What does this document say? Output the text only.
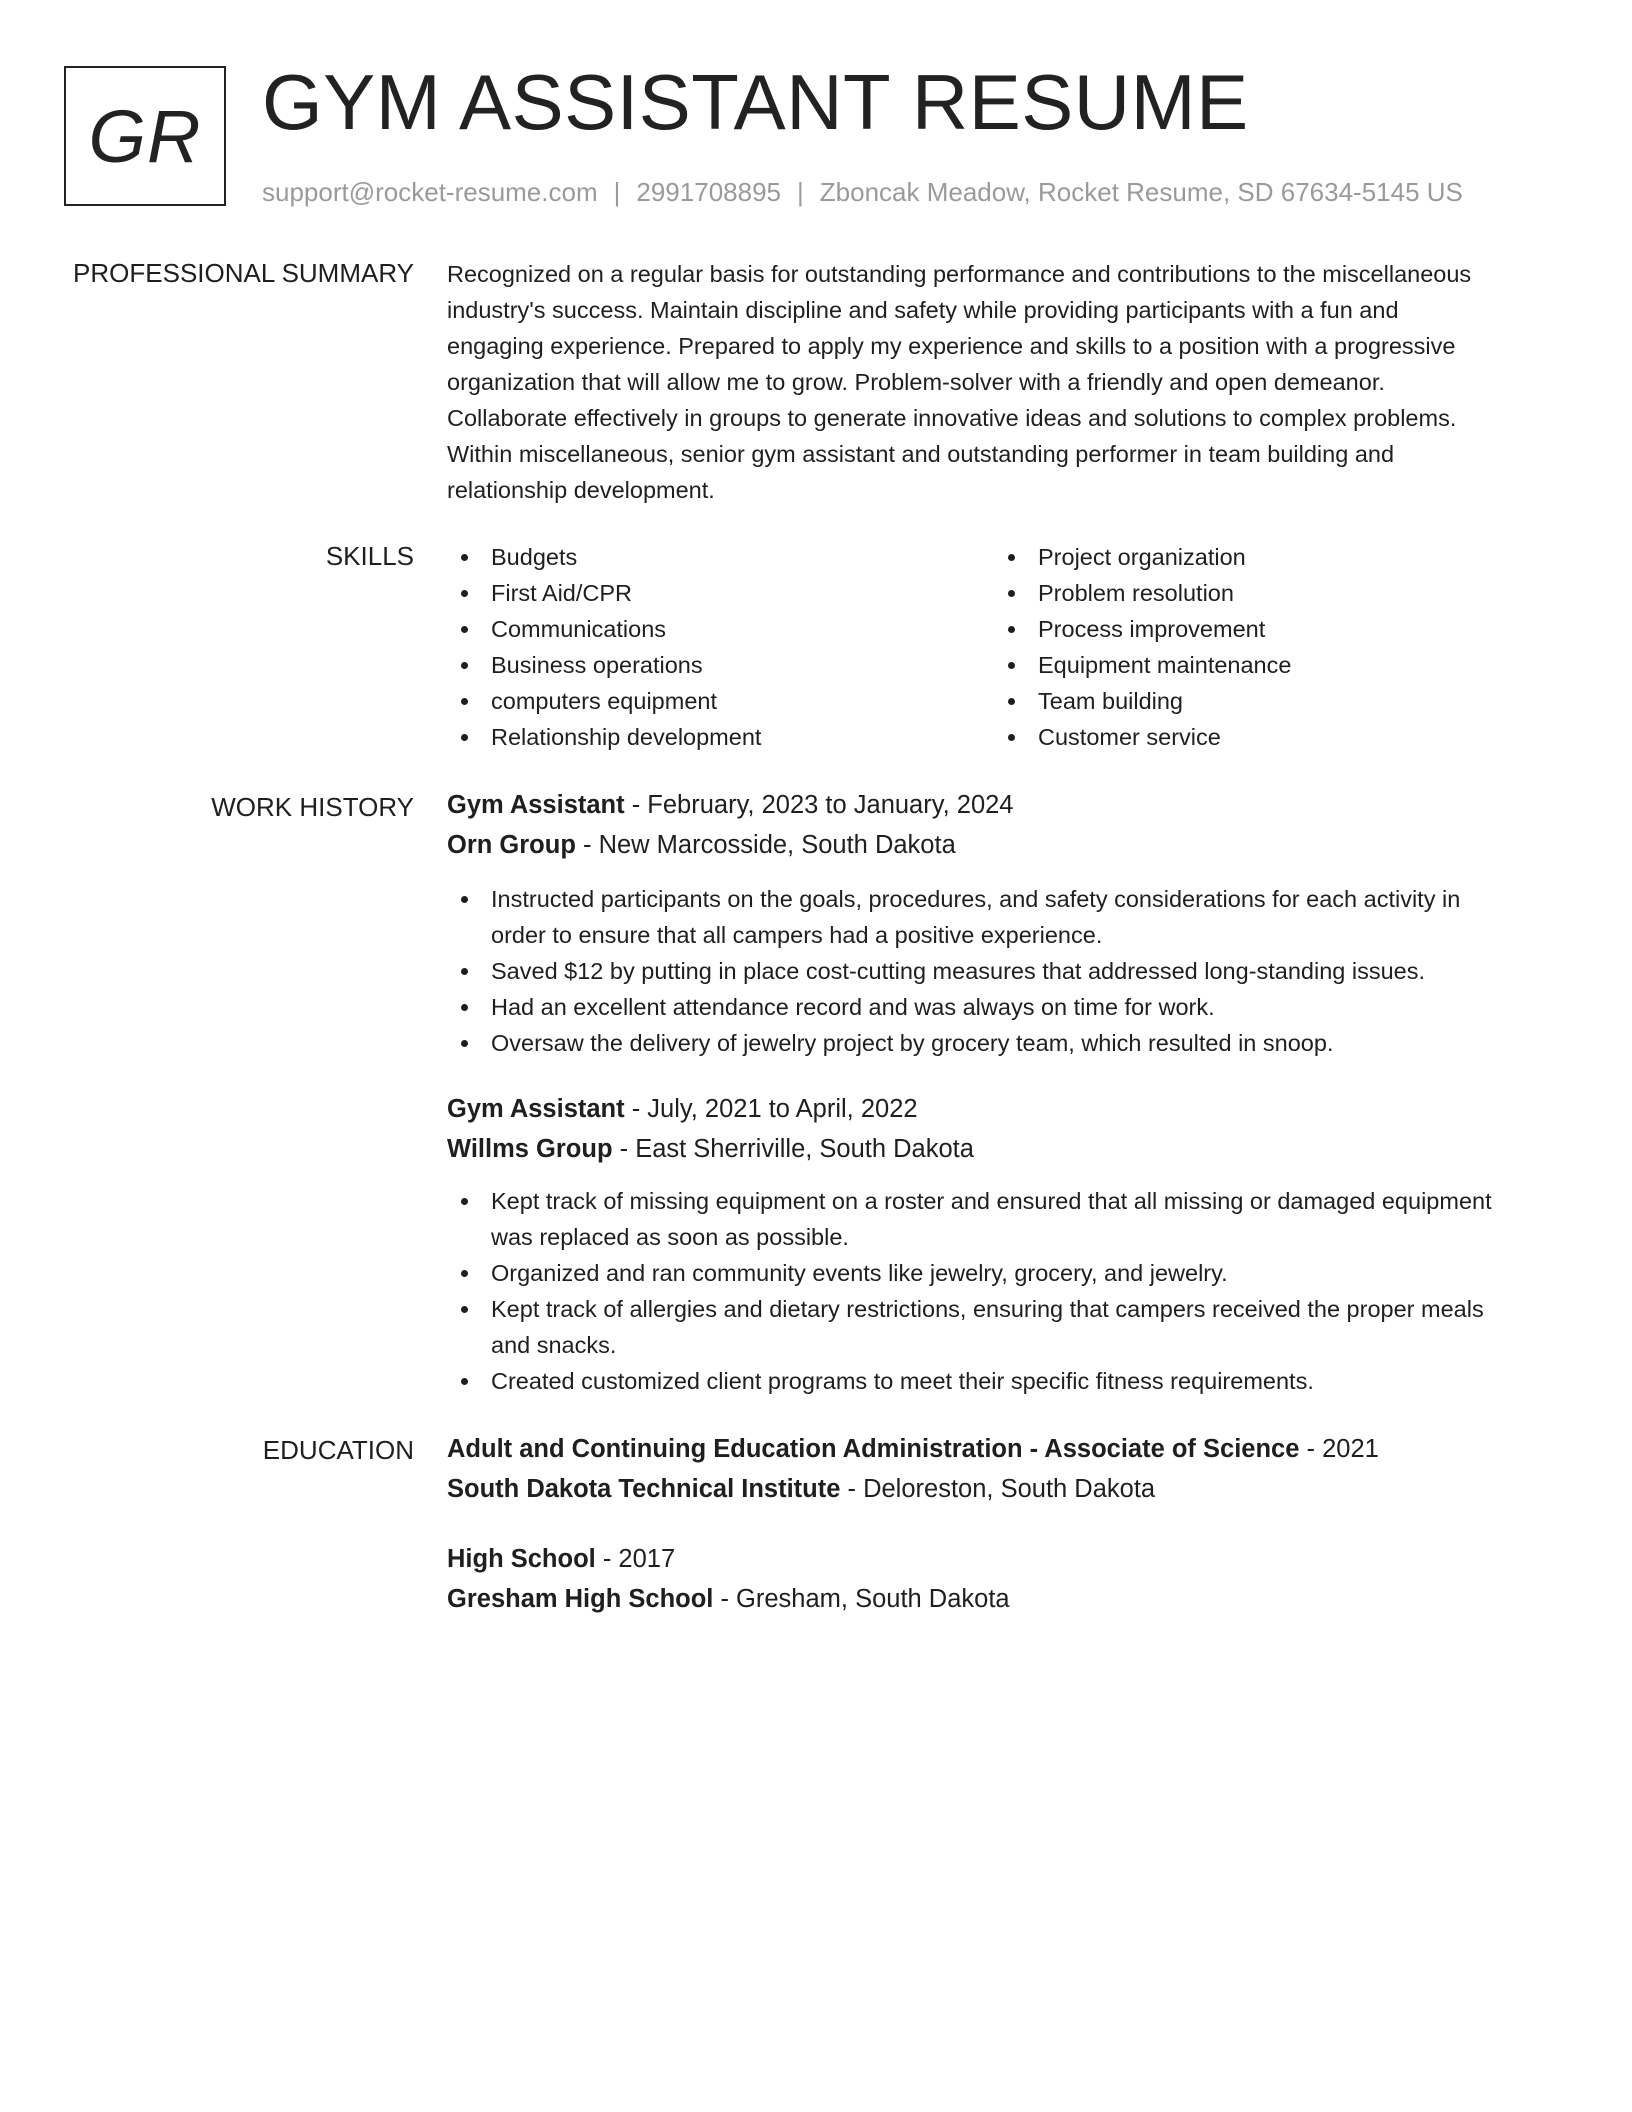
GR GYM ASSISTANT RESUME
support@rocket-resume.com | 2991708895 | Zboncak Meadow, Rocket Resume, SD 67634-5145 US
PROFESSIONAL SUMMARY Recognized on a regular basis for outstanding performance and contributions to the miscellaneous
industry's success. Maintain discipline and safety while providing participants with a fun and
engaging experience. Prepared to apply my experience and skills to a position with a progressive
organization that will allow me to grow. Problem-solver with a friendly and open demeanor.
Collaborate effectively in groups to generate innovative ideas and solutions to complex problems.
Within miscellaneous, senior gym assistant and outstanding performer in team building and
relationship development.

SKILLS	Budgets
First Aid/CPR
Communications
Business operations
computers equipment
Relationship development
Project organization
Problem resolution
Process improvement
Equipment maintenance
Team building
Customer service
WORK HISTORY Gym Assistant - February, 2023 to January, 2024
Orn Group - New Marcosside, South Dakota
Instructed participants on the goals, procedures, and safety considerations for each activity in
order to ensure that all campers had a positive experience.
Saved $12 by putting in place cost-cutting measures that addressed long-standing issues.
Had an excellent attendance record and was always on time for work.
Oversaw the delivery of jewelry project by grocery team, which resulted in snoop.
Gym Assistant - July, 2021 to April, 2022
Willms Group - East Sherriville, South Dakota
Kept track of missing equipment on a roster and ensured that all missing or damaged equipment
was replaced as soon as possible.
Organized and ran community events like jewelry, grocery, and jewelry.
Kept track of allergies and dietary restrictions, ensuring that campers received the proper meals
and snacks.
Created customized client programs to meet their specific fitness requirements.
EDUCATION Adult and Continuing Education Administration - Associate of Science - 2021
South Dakota Technical Institute - Deloreston, South Dakota
High School - 2017
Gresham High School - Gresham, South Dakota
